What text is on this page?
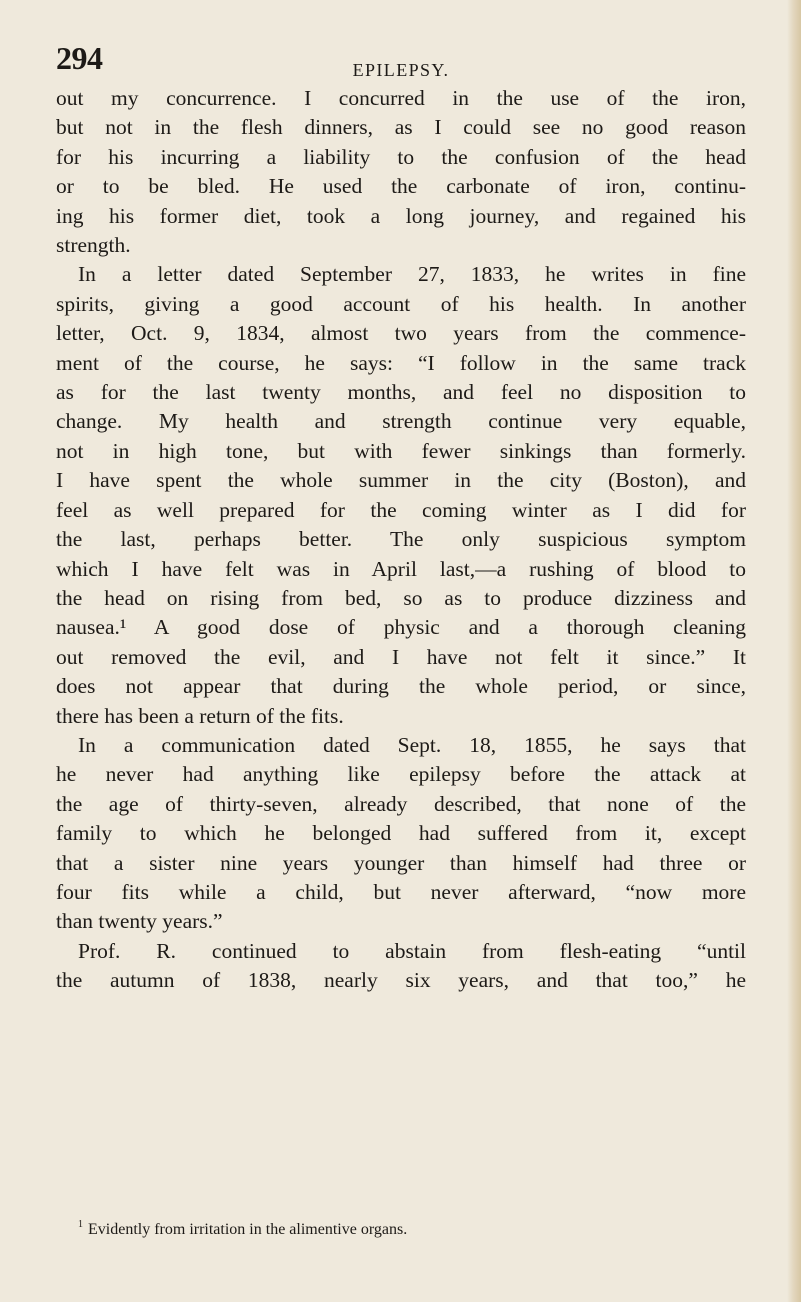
294	EPILEPSY.
out my concurrence. I concurred in the use of the iron,
but not in the flesh dinners, as I could see no good reason
for his incurring a liability to the confusion of the head
or to be bled. He used the carbonate of iron, continu-
ing his former diet, took a long journey, and regained his
strength.
In a letter dated September 27, 1833, he writes in fine
spirits, giving a good account of his health. In another
letter, Oct. 9, 1834, almost two years from the commence-
ment of the course, he says: “I follow in the same track
as for the last twenty months, and feel no disposition to
change. My health and strength continue very equable,
not in high tone, but with fewer sinkings than formerly.
I have spent the whole summer in the city (Boston), and
feel as well prepared for the coming winter as I did for
the last, perhaps better. The only suspicious symptom
which I have felt was in April last,—a rushing of blood to
the head on rising from bed, so as to produce dizziness and
nausea.¹ A good dose of physic and a thorough cleaning
out removed the evil, and I have not felt it since.” It
does not appear that during the whole period, or since,
there has been a return of the fits.
In a communication dated Sept. 18, 1855, he says that
he never had anything like epilepsy before the attack at
the age of thirty-seven, already described, that none of the
family to which he belonged had suffered from it, except
that a sister nine years younger than himself had three or
four fits while a child, but never afterward, “now more
than twenty years.”
Prof. R. continued to abstain from flesh-eating “until
the autumn of 1838, nearly six years, and that too,” he
$^1$ Evidently from irritation in the alimentive organs.
